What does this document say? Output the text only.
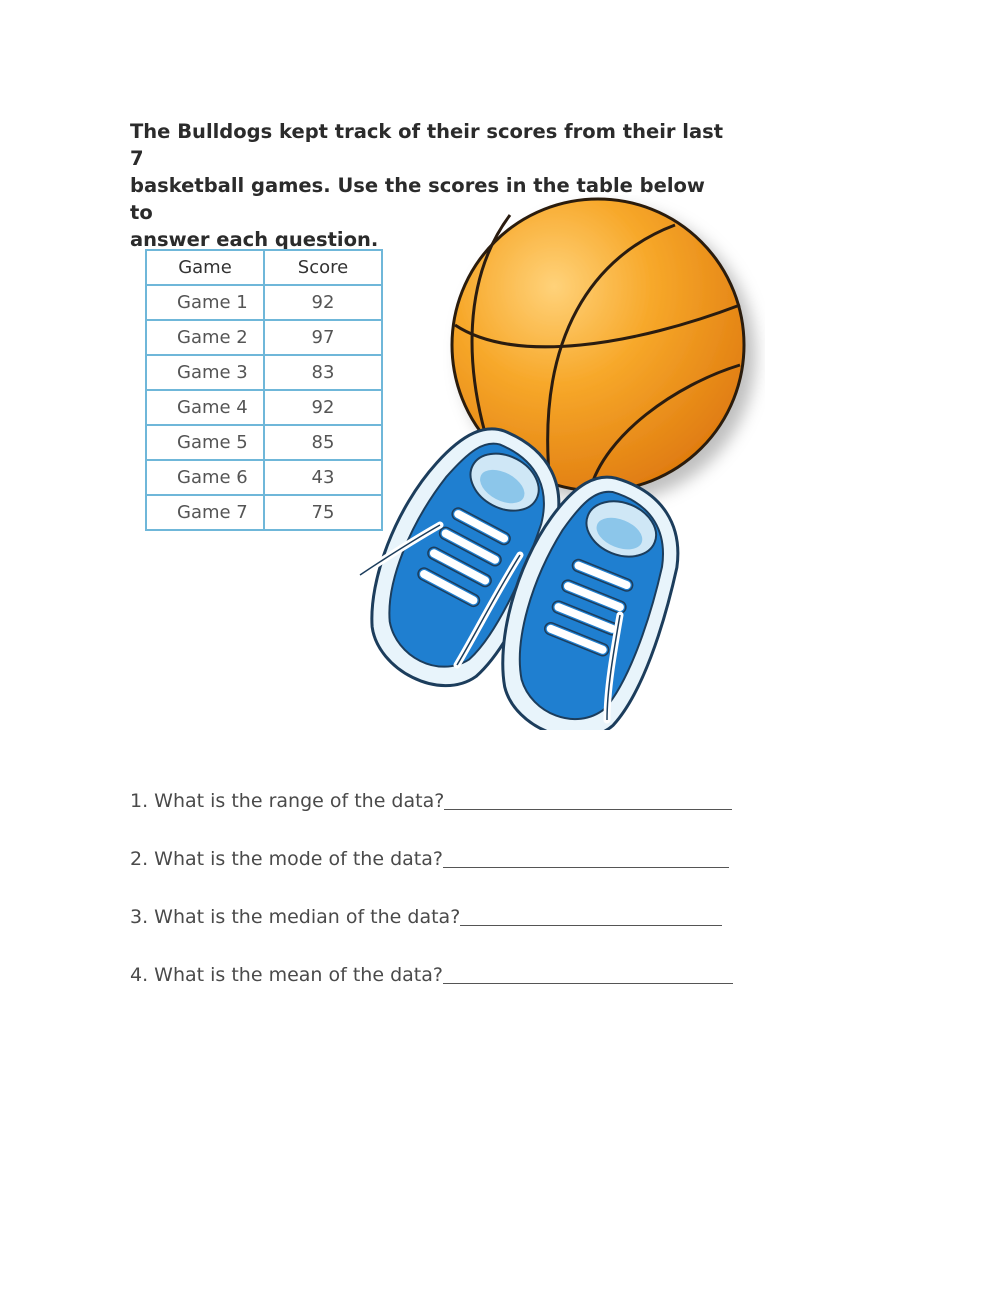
The Bulldogs kept track of their scores from their last 7
basketball games. Use the scores in the table below to
answer each question.

Game	Score
Game 1	92
Game 2	97
Game 3	83
Game 4	92
Game 5	85
Game 6	43
Game 7	75
1. What is the range of the data?
2. What is the mode of the data?
3. What is the median of the data?
4. What is the mean of the data?
